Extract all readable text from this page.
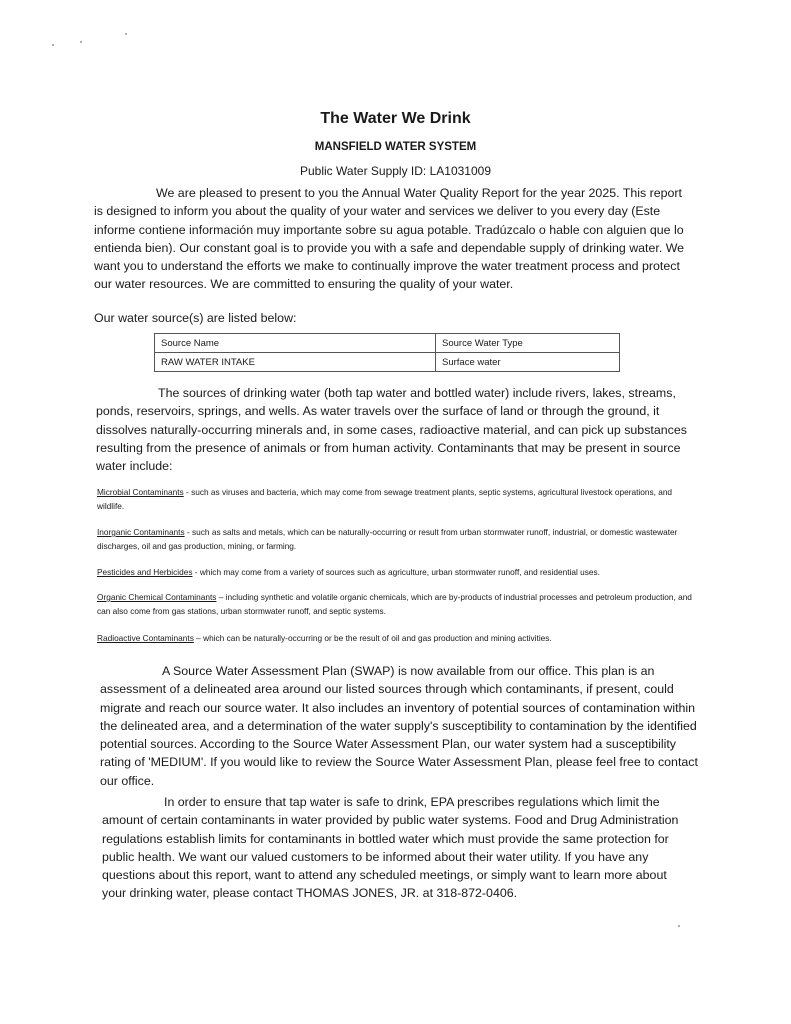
The Water We Drink
MANSFIELD WATER SYSTEM
Public Water Supply ID: LA1031009

We are pleased to present to you the Annual Water Quality Report for the year 2025. This report is designed to inform you about the quality of your water and services we deliver to you every day (Este informe contiene información muy importante sobre su agua potable. Tradúzcalo o hable con alguien que lo entienda bien). Our constant goal is to provide you with a safe and dependable supply of drinking water. We want you to understand the efforts we make to continually improve the water treatment process and protect our water resources. We are committed to ensuring the quality of your water.

Our water source(s) are listed below:
Source Name	Source Water Type
RAW WATER INTAKE	Surface water

The sources of drinking water (both tap water and bottled water) include rivers, lakes, streams, ponds, reservoirs, springs, and wells. As water travels over the surface of land or through the ground, it dissolves naturally-occurring minerals and, in some cases, radioactive material, and can pick up substances resulting from the presence of animals or from human activity. Contaminants that may be present in source water include:

Microbial Contaminants - such as viruses and bacteria, which may come from sewage treatment plants, septic systems, agricultural livestock operations, and wildlife.

Inorganic Contaminants - such as salts and metals, which can be naturally-occurring or result from urban stormwater runoff, industrial, or domestic wastewater discharges, oil and gas production, mining, or farming.

Pesticides and Herbicides - which may come from a variety of sources such as agriculture, urban stormwater runoff, and residential uses.

Organic Chemical Contaminants – including synthetic and volatile organic chemicals, which are by-products of industrial processes and petroleum production, and can also come from gas stations, urban stormwater runoff, and septic systems.

Radioactive Contaminants – which can be naturally-occurring or be the result of oil and gas production and mining activities.

A Source Water Assessment Plan (SWAP) is now available from our office. This plan is an assessment of a delineated area around our listed sources through which contaminants, if present, could migrate and reach our source water. It also includes an inventory of potential sources of contamination within the delineated area, and a determination of the water supply's susceptibility to contamination by the identified potential sources. According to the Source Water Assessment Plan, our water system had a susceptibility rating of 'MEDIUM'. If you would like to review the Source Water Assessment Plan, please feel free to contact our office.

In order to ensure that tap water is safe to drink, EPA prescribes regulations which limit the amount of certain contaminants in water provided by public water systems. Food and Drug Administration regulations establish limits for contaminants in bottled water which must provide the same protection for public health. We want our valued customers to be informed about their water utility. If you have any questions about this report, want to attend any scheduled meetings, or simply want to learn more about your drinking water, please contact THOMAS JONES, JR. at 318-872-0406.
